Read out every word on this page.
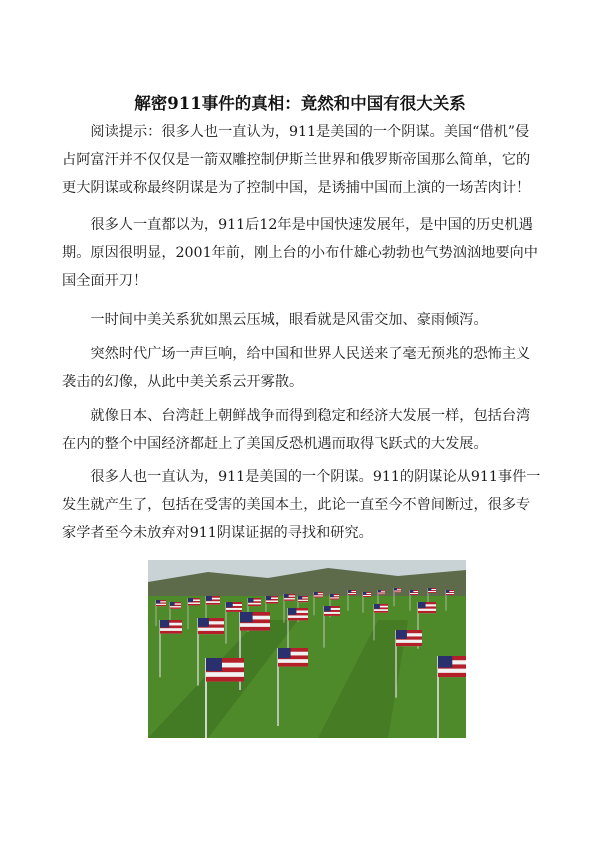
解密911事件的真相：竟然和中国有很大关系

　　阅读提示：很多人也一直认为，911是美国的一个阴谋。美国“借机”侵
占阿富汗并不仅仅是一箭双雕控制伊斯兰世界和俄罗斯帝国那么简单，它的
更大阴谋或称最终阴谋是为了控制中国，是诱捕中国而上演的一场苦肉计！

　　很多人一直都以为，911后12年是中国快速发展年，是中国的历史机遇
期。原因很明显，2001年前，刚上台的小布什雄心勃勃也气势汹汹地要向中
国全面开刀！

　　一时间中美关系犹如黑云压城，眼看就是风雷交加、豪雨倾泻。

　　突然时代广场一声巨响，给中国和世界人民送来了毫无预兆的恐怖主义
袭击的幻像，从此中美关系云开雾散。

　　就像日本、台湾赶上朝鲜战争而得到稳定和经济大发展一样，包括台湾
在内的整个中国经济都赶上了美国反恐机遇而取得飞跃式的大发展。

　　很多人也一直认为，911是美国的一个阴谋。911的阴谋论从911事件一
发生就产生了，包括在受害的美国本土，此论一直至今不曾间断过，很多专
家学者至今未放弃对911阴谋证据的寻找和研究。
